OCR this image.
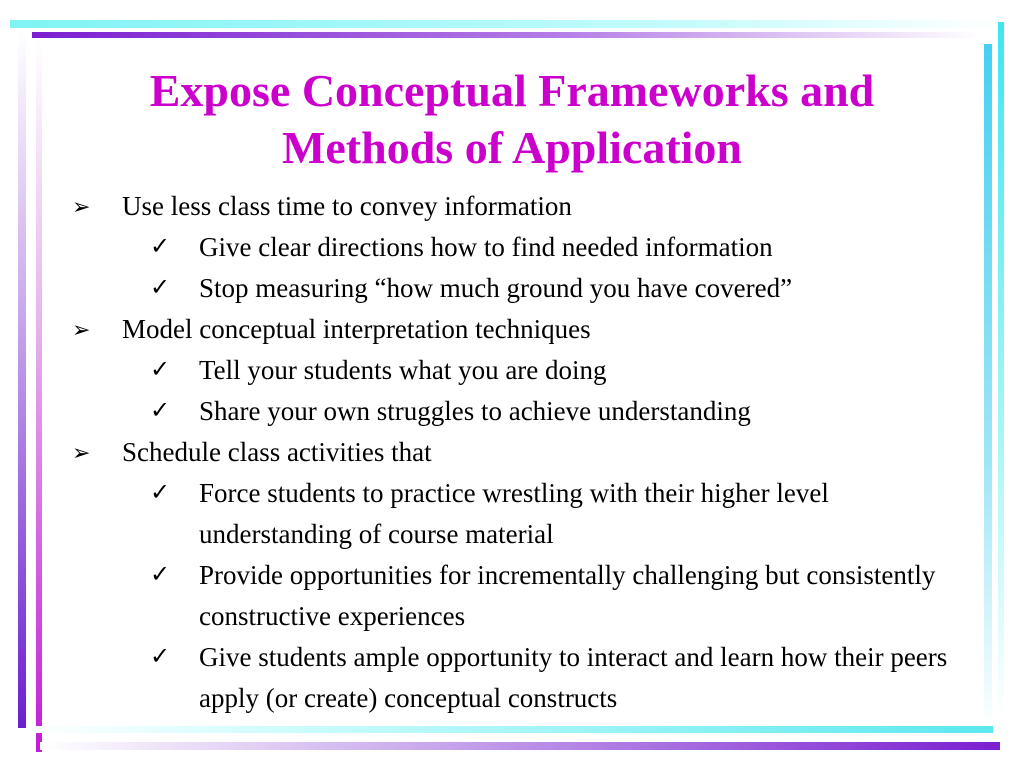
Expose Conceptual Frameworks and
Methods of Application
➢ Use less class time to convey information
✓ Give clear directions how to find needed information
✓ Stop measuring “how much ground you have covered”
➢ Model conceptual interpretation techniques
✓ Tell your students what you are doing
✓ Share your own struggles to achieve understanding
➢ Schedule class activities that
✓ Force students to practice wrestling with their higher level understanding of course material
✓ Provide opportunities for incrementally challenging but consistently constructive experiences
✓ Give students ample opportunity to interact and learn how their peers apply (or create) conceptual constructs
